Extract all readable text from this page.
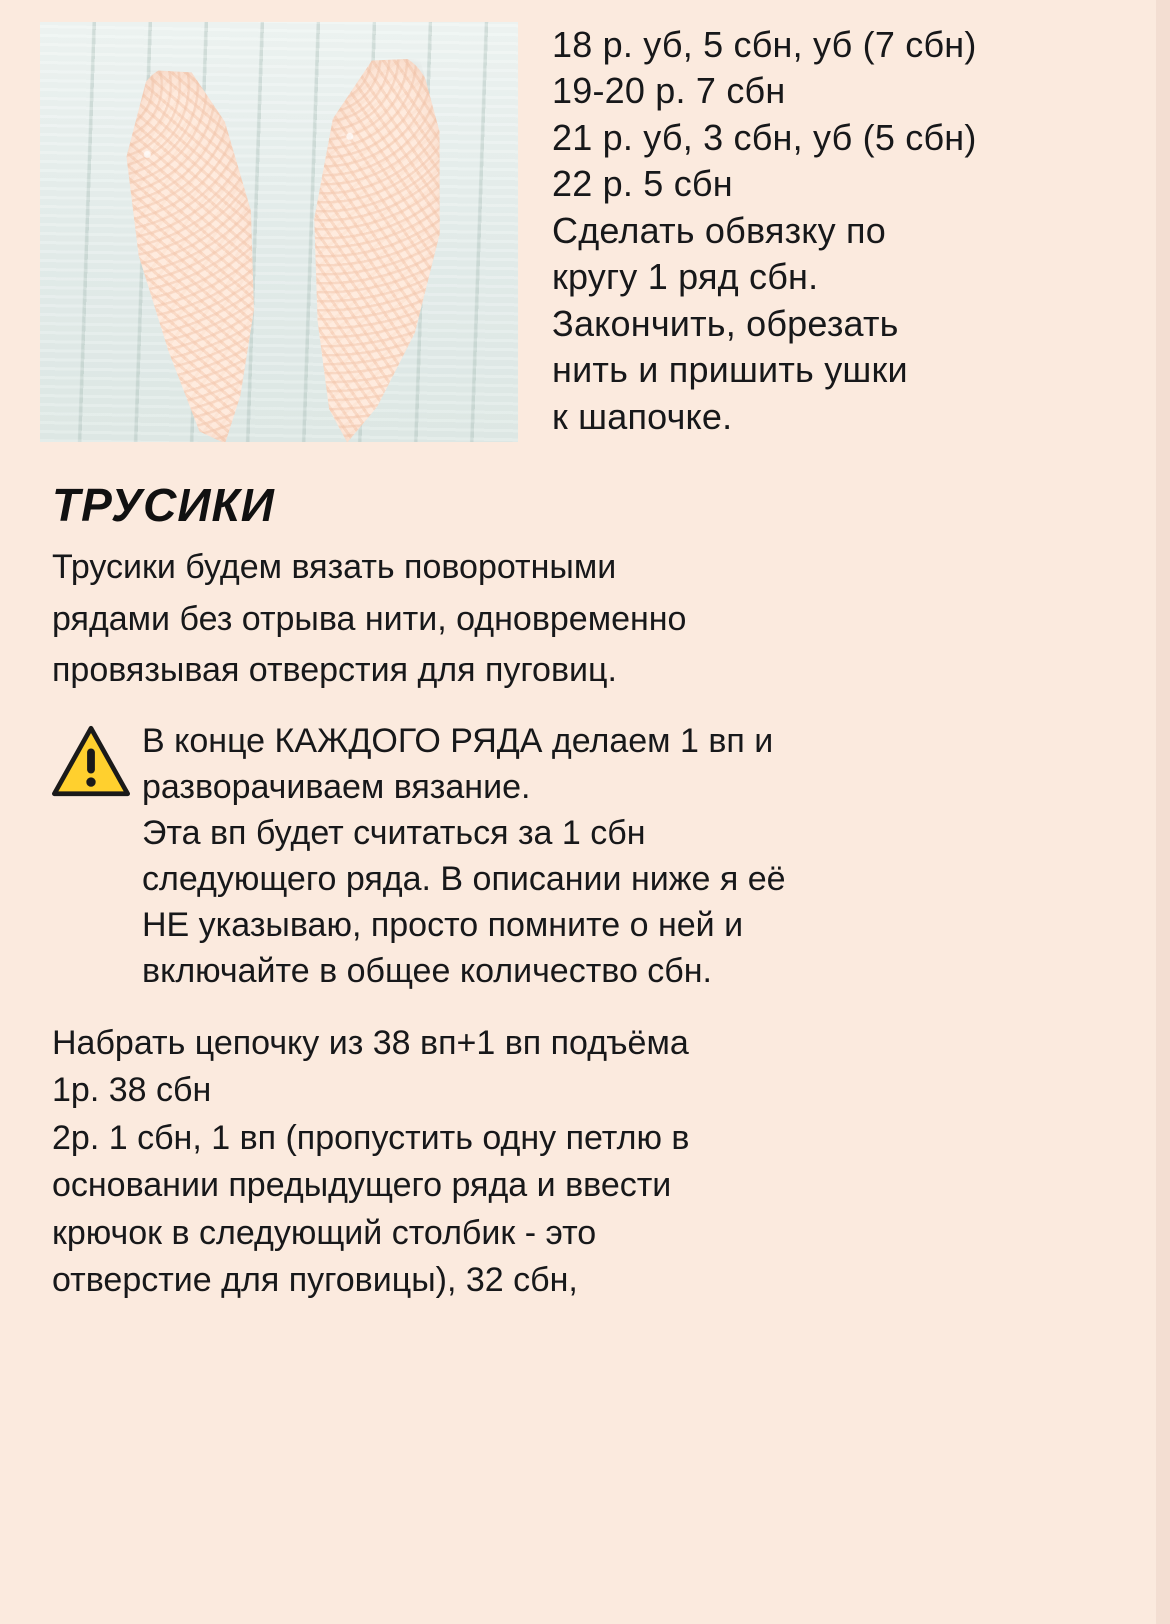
18 р. уб, 5 сбн, уб (7 сбн)
19-20 р. 7 сбн
21 р. уб, 3 сбн, уб (5 сбн)
22 р. 5 сбн
Сделать обвязку по
кругу 1 ряд сбн.
Закончить, обрезать
нить и пришить ушки
к шапочке.
ТРУСИКИ

Трусики будем вязать поворотными

рядами без отрыва нити, одновременно

провязывая отверстия для пуговиц.

В конце КАЖДОГО РЯДА делаем 1 вп и

разворачиваем вязание.

Эта вп будет считаться за 1 сбн

следующего ряда. В описании ниже я её

НЕ указываю, просто помните о ней и

включайте в общее количество сбн.

Набрать цепочку из 38 вп+1 вп подъёма

1р. 38 сбн

2р. 1 сбн, 1 вп (пропустить одну петлю в

основании предыдущего ряда и ввести

крючок в следующий столбик - это

отверстие для пуговицы), 32 сбн,
